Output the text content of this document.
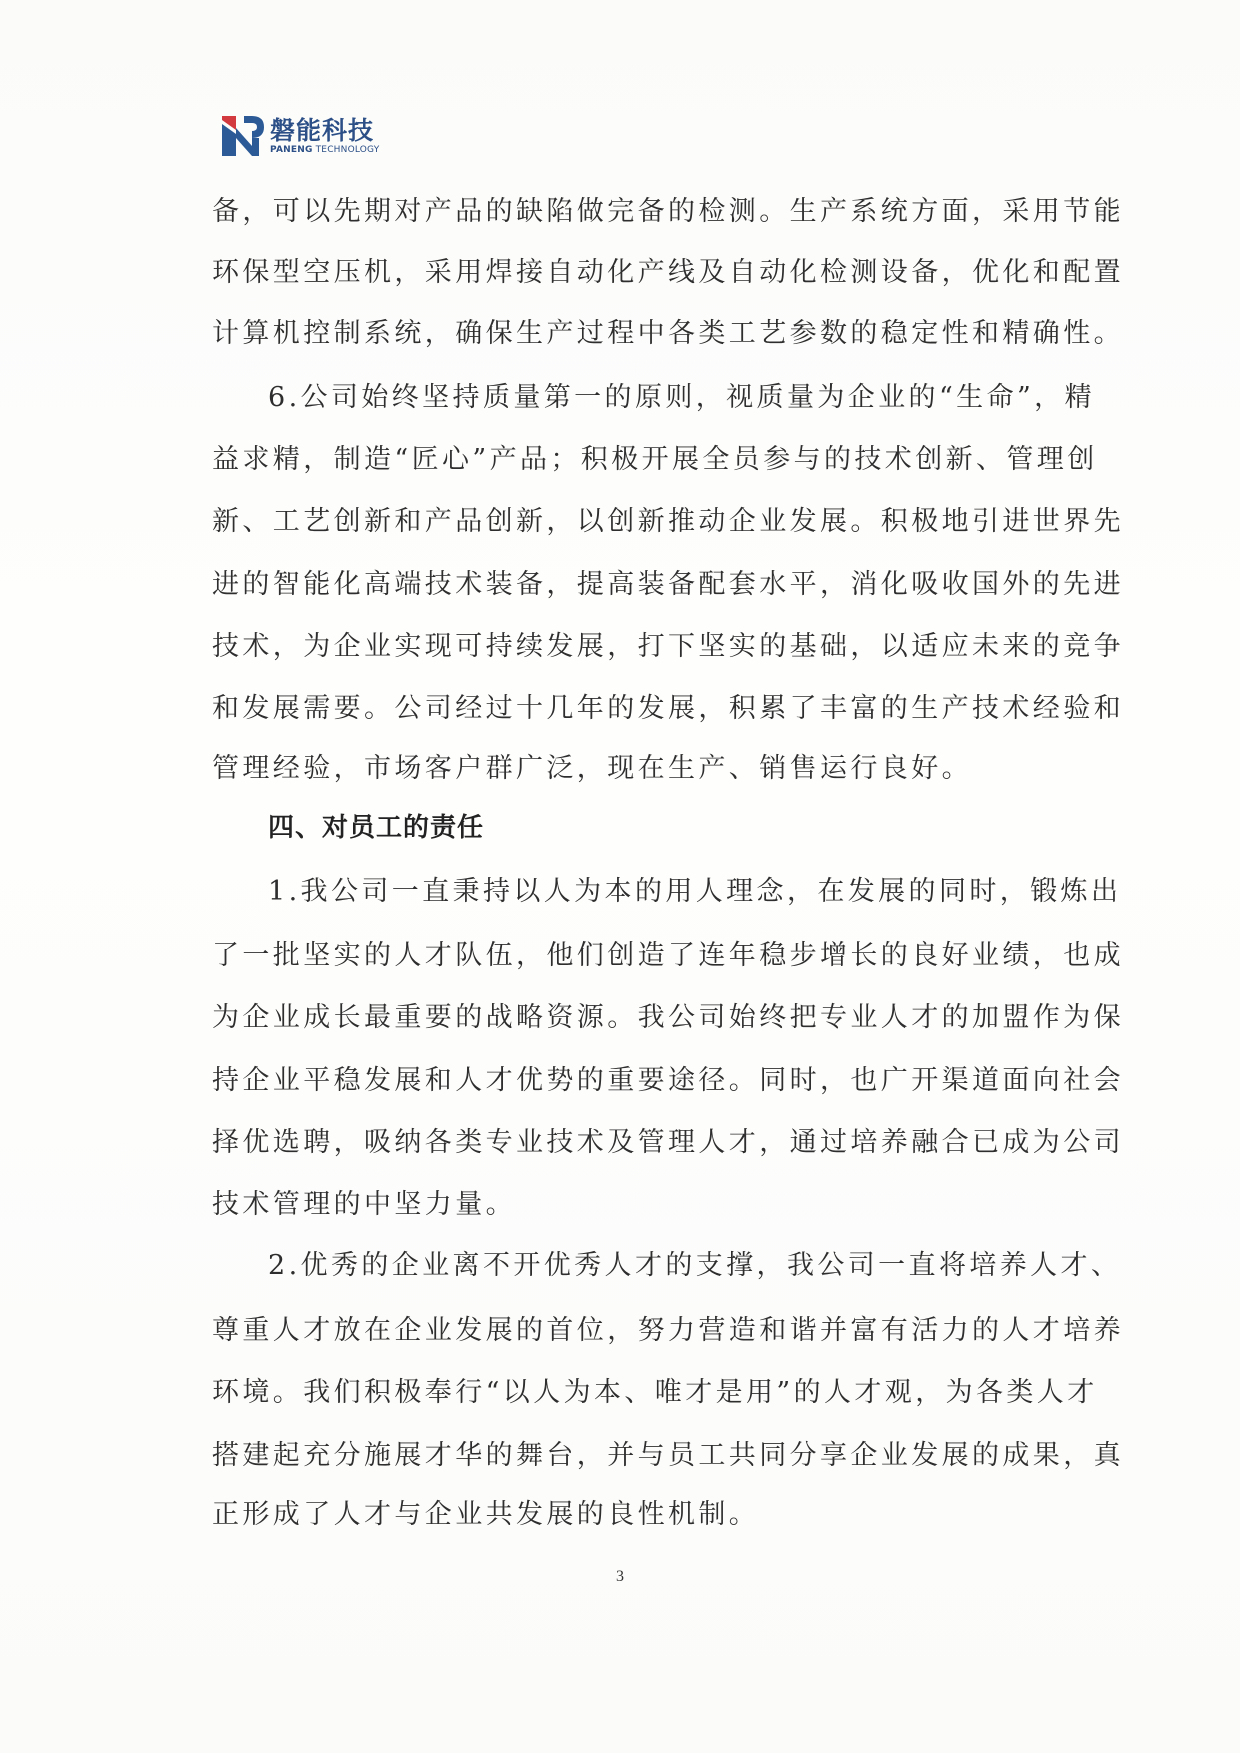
磐能科技
PANENG TECHNOLOGY
备，可以先期对产品的缺陷做完备的检测。生产系统方面，采用节能
环保型空压机，采用焊接自动化产线及自动化检测设备，优化和配置
计算机控制系统，确保生产过程中各类工艺参数的稳定性和精确性。
6.公司始终坚持质量第一的原则，视质量为企业的“生命”，精
益求精，制造“匠心”产品；积极开展全员参与的技术创新、管理创
新、工艺创新和产品创新，以创新推动企业发展。积极地引进世界先
进的智能化高端技术装备，提高装备配套水平，消化吸收国外的先进
技术，为企业实现可持续发展，打下坚实的基础，以适应未来的竞争
和发展需要。公司经过十几年的发展，积累了丰富的生产技术经验和
管理经验，市场客户群广泛，现在生产、销售运行良好。
四、对员工的责任
1.我公司一直秉持以人为本的用人理念，在发展的同时，锻炼出
了一批坚实的人才队伍，他们创造了连年稳步增长的良好业绩，也成
为企业成长最重要的战略资源。我公司始终把专业人才的加盟作为保
持企业平稳发展和人才优势的重要途径。同时，也广开渠道面向社会
择优选聘，吸纳各类专业技术及管理人才，通过培养融合已成为公司
技术管理的中坚力量。
2.优秀的企业离不开优秀人才的支撑，我公司一直将培养人才、
尊重人才放在企业发展的首位，努力营造和谐并富有活力的人才培养
环境。我们积极奉行“以人为本、唯才是用”的人才观，为各类人才
搭建起充分施展才华的舞台，并与员工共同分享企业发展的成果，真
正形成了人才与企业共发展的良性机制。
3
